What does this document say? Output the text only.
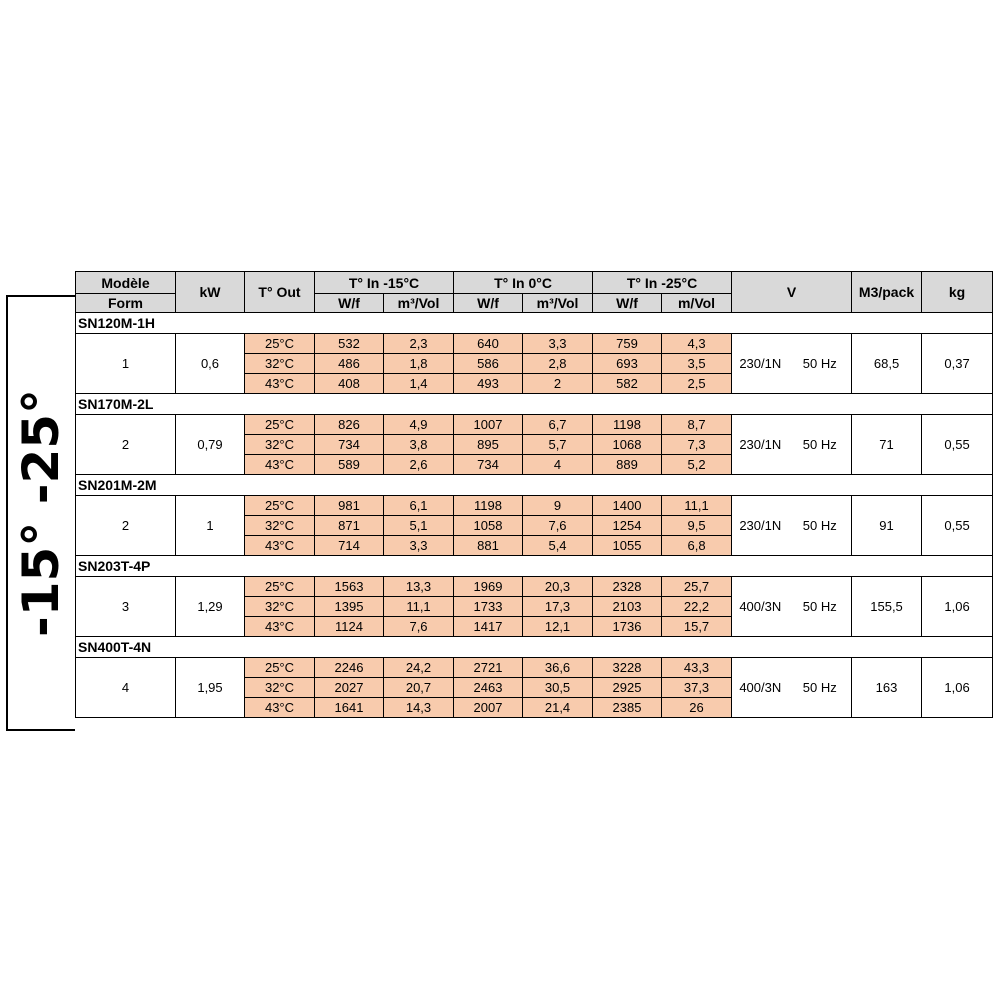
-15° -25°
Modèle	kW	T° Out	T° In -15°C		T° In 0°C		T° In -25°C		V		M3/pack	kg
Form			W/f	m³/Vol	W/f	m³/Vol	W/f	m/Vol				
SN120M-1H												
1	0,6	25°C	532	2,3	640	3,3	759	4,3	230/1N	50 Hz	68,5	0,37
		32°C	486	1,8	586	2,8	693	3,5				
		43°C	408	1,4	493	2	582	2,5				
SN170M-2L												
2	0,79	25°C	826	4,9	1007	6,7	1198	8,7	230/1N	50 Hz	71	0,55
		32°C	734	3,8	895	5,7	1068	7,3				
		43°C	589	2,6	734	4	889	5,2				
SN201M-2M												
2	1	25°C	981	6,1	1198	9	1400	11,1	230/1N	50 Hz	91	0,55
		32°C	871	5,1	1058	7,6	1254	9,5				
		43°C	714	3,3	881	5,4	1055	6,8				
SN203T-4P												
3	1,29	25°C	1563	13,3	1969	20,3	2328	25,7	400/3N	50 Hz	155,5	1,06
		32°C	1395	11,1	1733	17,3	2103	22,2				
		43°C	1124	7,6	1417	12,1	1736	15,7				
SN400T-4N												
4	1,95	25°C	2246	24,2	2721	36,6	3228	43,3	400/3N	50 Hz	163	1,06
		32°C	2027	20,7	2463	30,5	2925	37,3				
		43°C	1641	14,3	2007	21,4	2385	26				
